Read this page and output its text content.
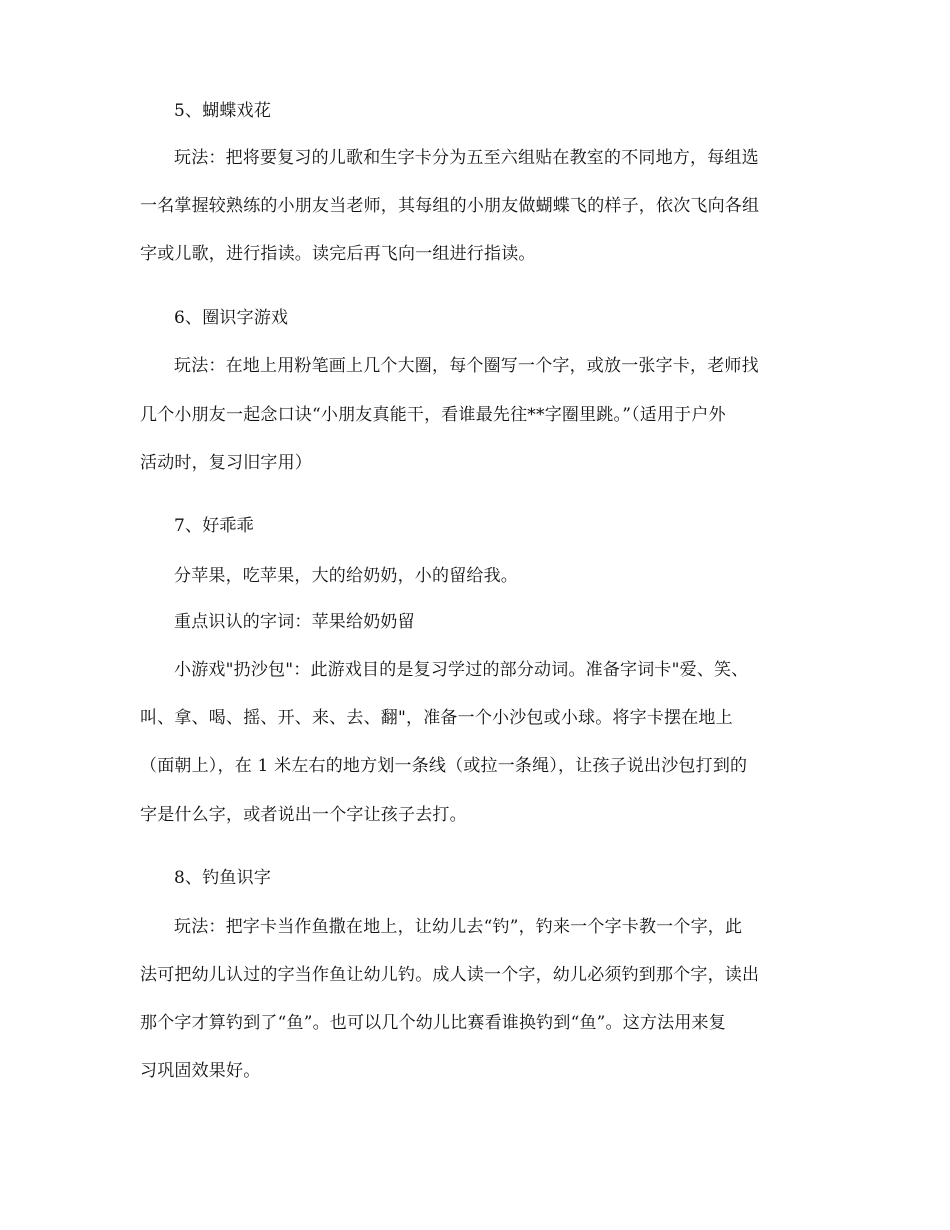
5、蝴蝶戏花
玩法：把将要复习的儿歌和生字卡分为五至六组贴在教室的不同地方，每组选
一名掌握较熟练的小朋友当老师，其每组的小朋友做蝴蝶飞的样子，依次飞向各组
字或儿歌，进行指读。读完后再飞向一组进行指读。
6、圈识字游戏
玩法：在地上用粉笔画上几个大圈，每个圈写一个字，或放一张字卡，老师找
几个小朋友一起念口诀“小朋友真能干，看谁最先往**字圈里跳。”（适用于户外
活动时，复习旧字用）
7、好乖乖
分苹果，吃苹果，大的给奶奶，小的留给我。
重点识认的字词：苹果给奶奶留
小游戏"扔沙包"：此游戏目的是复习学过的部分动词。准备字词卡"爱、笑、
叫、拿、喝、摇、开、来、去、翻"，准备一个小沙包或小球。将字卡摆在地上
（面朝上），在 1 米左右的地方划一条线（或拉一条绳），让孩子说出沙包打到的
字是什么字，或者说出一个字让孩子去打。
8、钓鱼识字
玩法：把字卡当作鱼撒在地上，让幼儿去“钓”，钓来一个字卡教一个字，此
法可把幼儿认过的字当作鱼让幼儿钓。成人读一个字，幼儿必须钓到那个字，读出
那个字才算钓到了“鱼”。也可以几个幼儿比赛看谁换钓到“鱼”。这方法用来复
习巩固效果好。
